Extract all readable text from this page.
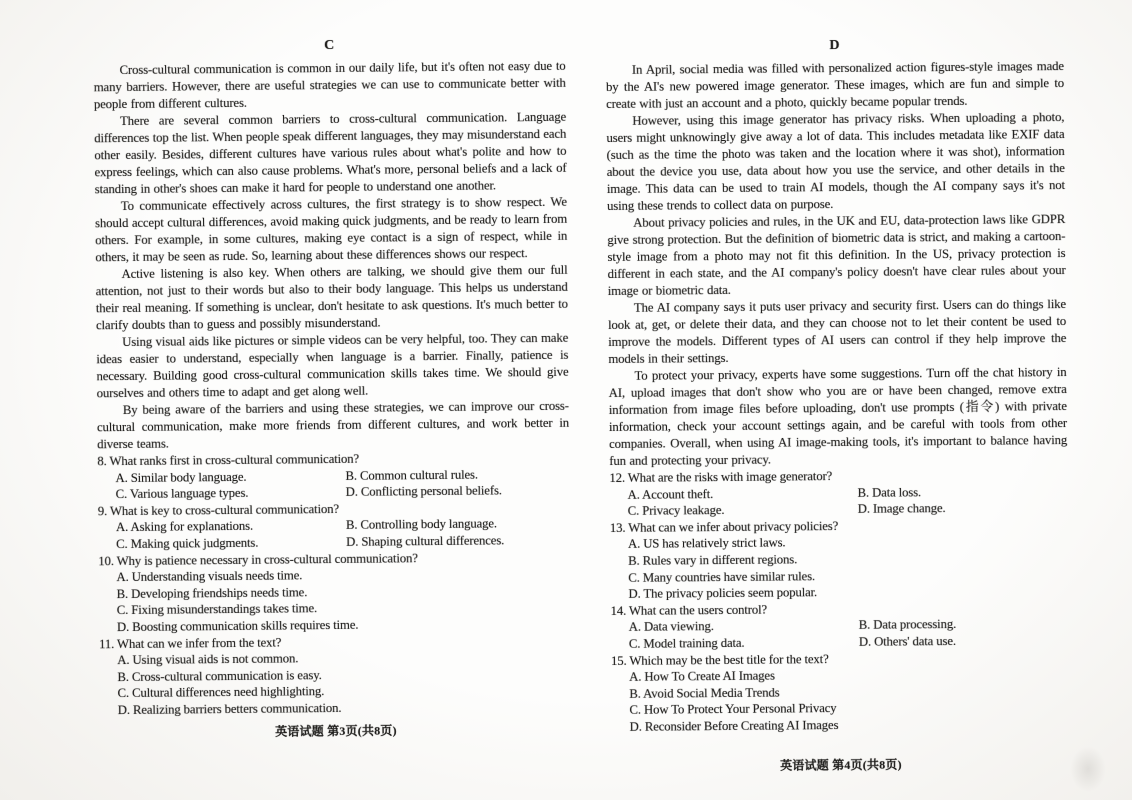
C

Cross-cultural communication is common in our daily life, but it's often not easy due to many barriers. However, there are useful strategies we can use to communicate better with people from different cultures.

There are several common barriers to cross-cultural communication. Language differences top the list. When people speak different languages, they may misunderstand each other easily. Besides, different cultures have various rules about what's polite and how to express feelings, which can also cause problems. What's more, personal beliefs and a lack of standing in other's shoes can make it hard for people to understand one another.

To communicate effectively across cultures, the first strategy is to show respect. We should accept cultural differences, avoid making quick judgments, and be ready to learn from others. For example, in some cultures, making eye contact is a sign of respect, while in others, it may be seen as rude. So, learning about these differences shows our respect.

Active listening is also key. When others are talking, we should give them our full attention, not just to their words but also to their body language. This helps us understand their real meaning. If something is unclear, don't hesitate to ask questions. It's much better to clarify doubts than to guess and possibly misunderstand.

Using visual aids like pictures or simple videos can be very helpful, too. They can make ideas easier to understand, especially when language is a barrier. Finally, patience is necessary. Building good cross-cultural communication skills takes time. We should give ourselves and others time to adapt and get along well.

By being aware of the barriers and using these strategies, we can improve our cross-cultural communication, make more friends from different cultures, and work better in diverse teams.

8. What ranks first in cross-cultural communication?
A. Similar body language.	B. Common cultural rules.
C. Various language types.	D. Conflicting personal beliefs.
9. What is key to cross-cultural communication?
A. Asking for explanations.	B. Controlling body language.
C. Making quick judgments.	D. Shaping cultural differences.
10. Why is patience necessary in cross-cultural communication?
A. Understanding visuals needs time.
B. Developing friendships needs time.
C. Fixing misunderstandings takes time.
D. Boosting communication skills requires time.
11. What can we infer from the text?
A. Using visual aids is not common.
B. Cross-cultural communication is easy.
C. Cultural differences need highlighting.
D. Realizing barriers betters communication.
英语试题 第3页(共8页)
D

In April, social media was filled with personalized action figures-style images made by the AI's new powered image generator. These images, which are fun and simple to create with just an account and a photo, quickly became popular trends.

However, using this image generator has privacy risks. When uploading a photo, users might unknowingly give away a lot of data. This includes metadata like EXIF data (such as the time the photo was taken and the location where it was shot), information about the device you use, data about how you use the service, and other details in the image. This data can be used to train AI models, though the AI company says it's not using these trends to collect data on purpose.

About privacy policies and rules, in the UK and EU, data-protection laws like GDPR give strong protection. But the definition of biometric data is strict, and making a cartoon-style image from a photo may not fit this definition. In the US, privacy protection is different in each state, and the AI company's policy doesn't have clear rules about your image or biometric data.

The AI company says it puts user privacy and security first. Users can do things like look at, get, or delete their data, and they can choose not to let their content be used to improve the models. Different types of AI users can control if they help improve the models in their settings.

To protect your privacy, experts have some suggestions. Turn off the chat history in AI, upload images that don't show who you are or have been changed, remove extra information from image files before uploading, don't use prompts (指令) with private information, check your account settings again, and be careful with tools from other companies. Overall, when using AI image-making tools, it's important to balance having fun and protecting your privacy.

12. What are the risks with image generator?
A. Account theft.	B. Data loss.
C. Privacy leakage.	D. Image change.
13. What can we infer about privacy policies?
A. US has relatively strict laws.
B. Rules vary in different regions.
C. Many countries have similar rules.
D. The privacy policies seem popular.
14. What can the users control?
A. Data viewing.	B. Data processing.
C. Model training data.	D. Others' data use.
15. Which may be the best title for the text?
A. How To Create AI Images
B. Avoid Social Media Trends
C. How To Protect Your Personal Privacy
D. Reconsider Before Creating AI Images
英语试题 第4页(共8页)
